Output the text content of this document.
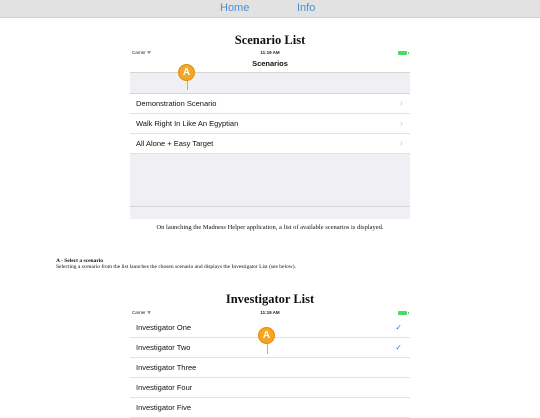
Home	Info
Scenario List
Carrier ᯤ	11:19 AM
Scenarios
Demonstration Scenario	›
Walk Right In Like An Egyptian	›
All Alone + Easy Target	›
A
On launching the Madness Helper application, a list of available scenarios is displayed.
A - Select a scenario
Selecting a scenario from the list launches the chosen scenario and displays the Investigator List (see below).
Investigator List
Carrier ᯤ	11:19 AM
Investigator One	✓
Investigator Two	✓
Investigator Three
Investigator Four
Investigator Five
A
